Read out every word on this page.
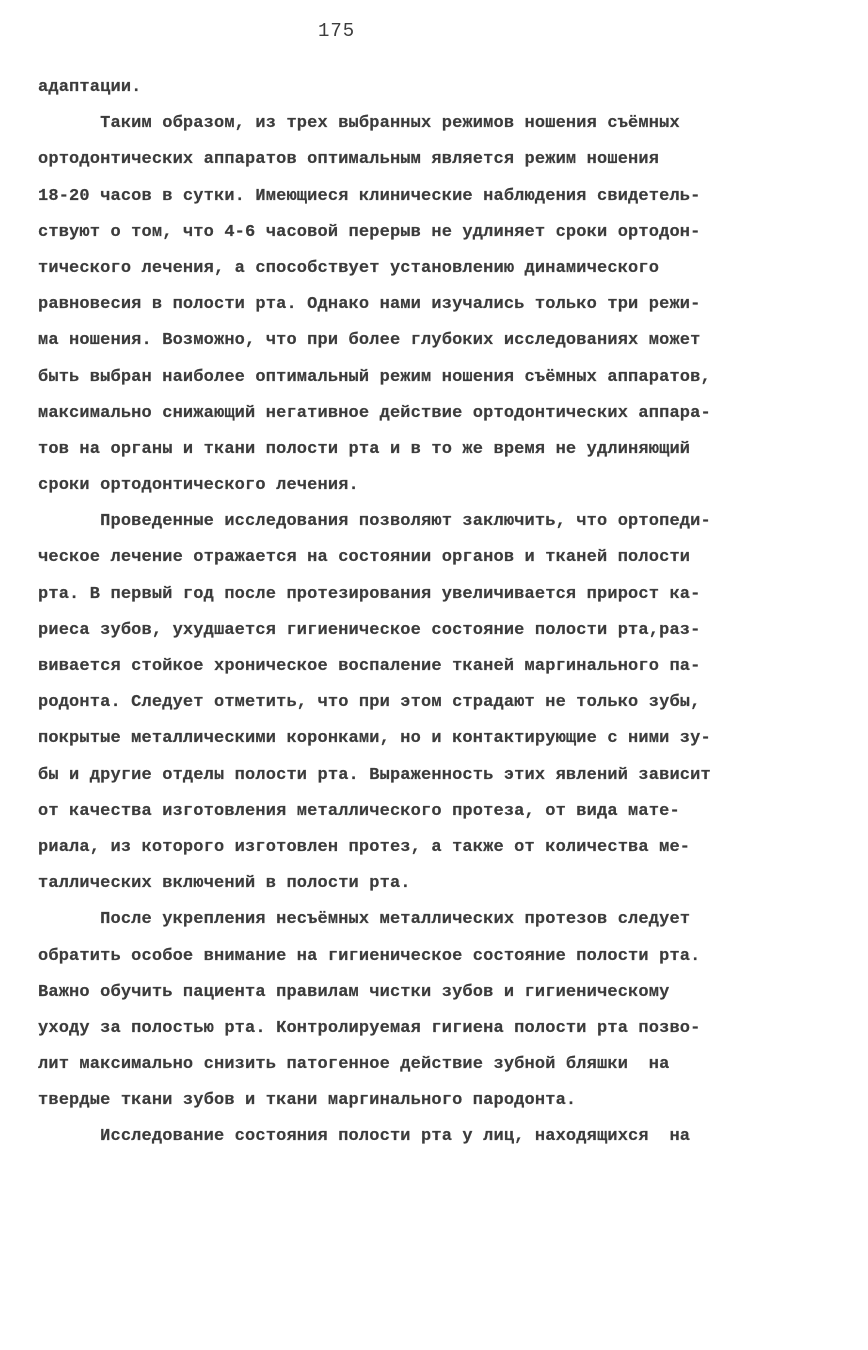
175
адаптации.
Таким образом, из трех выбранных режимов ношения съёмных
ортодонтических аппаратов оптимальным является режим ношения
18-20 часов в сутки. Имеющиеся клинические наблюдения свидетель-
ствуют о том, что 4-6 часовой перерыв не удлиняет сроки ортодон-
тического лечения, а способствует установлению динамического
равновесия в полости рта. Однако нами изучались только три режи-
ма ношения. Возможно, что при более глубоких исследованиях может
быть выбран наиболее оптимальный режим ношения съёмных аппаратов,
максимально снижающий негативное действие ортодонтических аппара-
тов на органы и ткани полости рта и в то же время не удлиняющий
сроки ортодонтического лечения.
Проведенные исследования позволяют заключить, что ортопеди-
ческое лечение отражается на состоянии органов и тканей полости
рта. В первый год после протезирования увеличивается прирост ка-
риеса зубов, ухудшается гигиеническое состояние полости рта,раз-
вивается стойкое хроническое воспаление тканей маргинального па-
родонта. Следует отметить, что при этом страдают не только зубы,
покрытые металлическими коронками, но и контактирующие с ними зу-
бы и другие отделы полости рта. Выраженность этих явлений зависит
от качества изготовления металлического протеза, от вида мате-
риала, из которого изготовлен протез, а также от количества ме-
таллических включений в полости рта.
После укрепления несъёмных металлических протезов следует
обратить особое внимание на гигиеническое состояние полости рта.
Важно обучить пациента правилам чистки зубов и гигиеническому
уходу за полостью рта. Контролируемая гигиена полости рта позво-
лит максимально снизить патогенное действие зубной бляшки  на
твердые ткани зубов и ткани маргинального пародонта.
Исследование состояния полости рта у лиц, находящихся  на
